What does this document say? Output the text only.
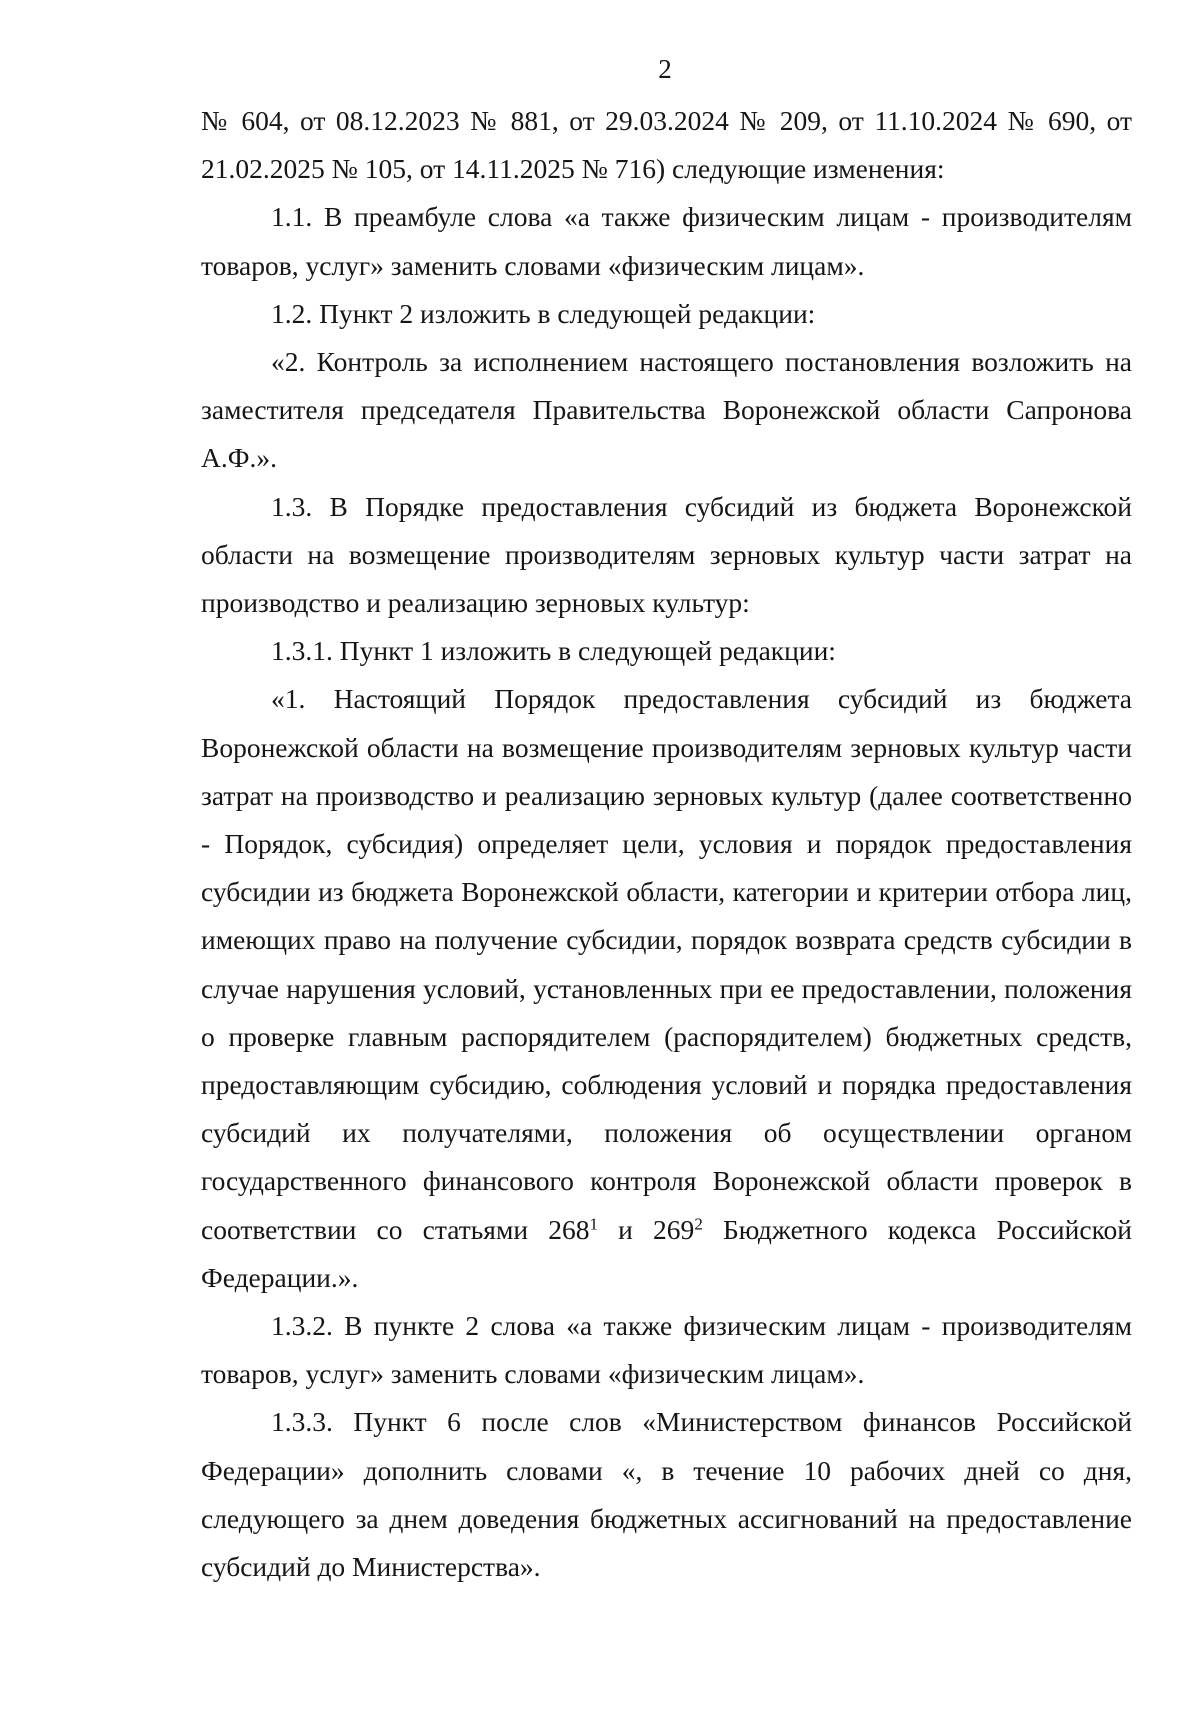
2

№ 604, от 08.12.2023 № 881, от 29.03.2024 № 209, от 11.10.2024 № 690, от 21.02.2025 № 105, от 14.11.2025 № 716) следующие изменения:

1.1. В преамбуле слова «а также физическим лицам - производителям товаров, услуг» заменить словами «физическим лицам».

1.2. Пункт 2 изложить в следующей редакции:

«2. Контроль за исполнением настоящего постановления возложить на заместителя председателя Правительства Воронежской области Сапронова А.Ф.».

1.3. В Порядке предоставления субсидий из бюджета Воронежской области на возмещение производителям зерновых культур части затрат на производство и реализацию зерновых культур:

1.3.1. Пункт 1 изложить в следующей редакции:

«1. Настоящий Порядок предоставления субсидий из бюджета Воронежской области на возмещение производителям зерновых культур части затрат на производство и реализацию зерновых культур (далее соответственно - Порядок, субсидия) определяет цели, условия и порядок предоставления субсидии из бюджета Воронежской области, категории и критерии отбора лиц, имеющих право на получение субсидии, порядок возврата средств субсидии в случае нарушения условий, установленных при ее предоставлении, положения о проверке главным распорядителем (распорядителем) бюджетных средств, предоставляющим субсидию, соблюдения условий и порядка предоставления субсидий их получателями, положения об осуществлении органом государственного финансового контроля Воронежской области проверок в соответствии со статьями $268^1$ и $269^2$ Бюджетного кодекса Российской Федерации.».

1.3.2. В пункте 2 слова «а также физическим лицам - производителям товаров, услуг» заменить словами «физическим лицам».

1.3.3. Пункт 6 после слов «Министерством финансов Российской Федерации» дополнить словами «, в течение 10 рабочих дней со дня, следующего за днем доведения бюджетных ассигнований на предоставление субсидий до Министерства».
